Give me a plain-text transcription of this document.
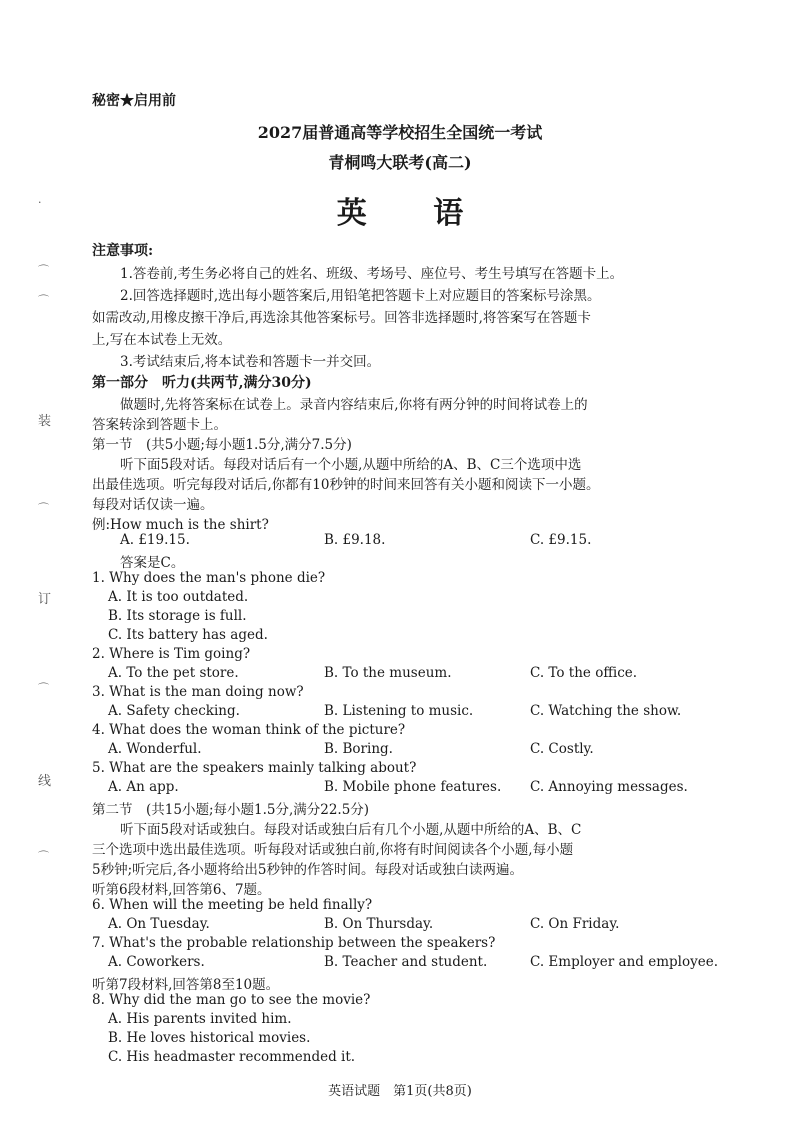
·
⌒
⌒
装
⌒
订
⌒
线
⌒
秘密★启用前
2027届普通高等学校招生全国统一考试
青桐鸣大联考(高二)
英 语
注意事项:
1.答卷前,考生务必将自己的姓名、班级、考场号、座位号、考生号填写在答题卡上。
2.回答选择题时,选出每小题答案后,用铅笔把答题卡上对应题目的答案标号涂黑。
如需改动,用橡皮擦干净后,再选涂其他答案标号。回答非选择题时,将答案写在答题卡
上,写在本试卷上无效。
3.考试结束后,将本试卷和答题卡一并交回。
第一部分　听力(共两节,满分30分)
做题时,先将答案标在试卷上。录音内容结束后,你将有两分钟的时间将试卷上的
答案转涂到答题卡上。
第一节　(共5小题;每小题1.5分,满分7.5分)
听下面5段对话。每段对话后有一个小题,从题中所给的A、B、C三个选项中选
出最佳选项。听完每段对话后,你都有10秒钟的时间来回答有关小题和阅读下一小题。
每段对话仅读一遍。
例:How much is the shirt?
A. £19.15.	B. £9.18.	C. £9.15.
答案是C。
1. Why does the man's phone die?
A. It is too outdated.
B. Its storage is full.
C. Its battery has aged.
2. Where is Tim going?
A. To the pet store.	B. To the museum.	C. To the office.
3. What is the man doing now?
A. Safety checking.	B. Listening to music.	C. Watching the show.
4. What does the woman think of the picture?
A. Wonderful.	B. Boring.	C. Costly.
5. What are the speakers mainly talking about?
A. An app.	B. Mobile phone features. C. Annoying messages.
第二节　(共15小题;每小题1.5分,满分22.5分)
听下面5段对话或独白。每段对话或独白后有几个小题,从题中所给的A、B、C
三个选项中选出最佳选项。听每段对话或独白前,你将有时间阅读各个小题,每小题
5秒钟;听完后,各小题将给出5秒钟的作答时间。每段对话或独白读两遍。
听第6段材料,回答第6、7题。
6. When will the meeting be held finally?
A. On Tuesday.	B. On Thursday.	C. On Friday.
7. What's the probable relationship between the speakers?
A. Coworkers.	B. Teacher and student.	C. Employer and employee.
听第7段材料,回答第8至10题。
8. Why did the man go to see the movie?
A. His parents invited him.
B. He loves historical movies.
C. His headmaster recommended it.
英语试题　第1页(共8页)
